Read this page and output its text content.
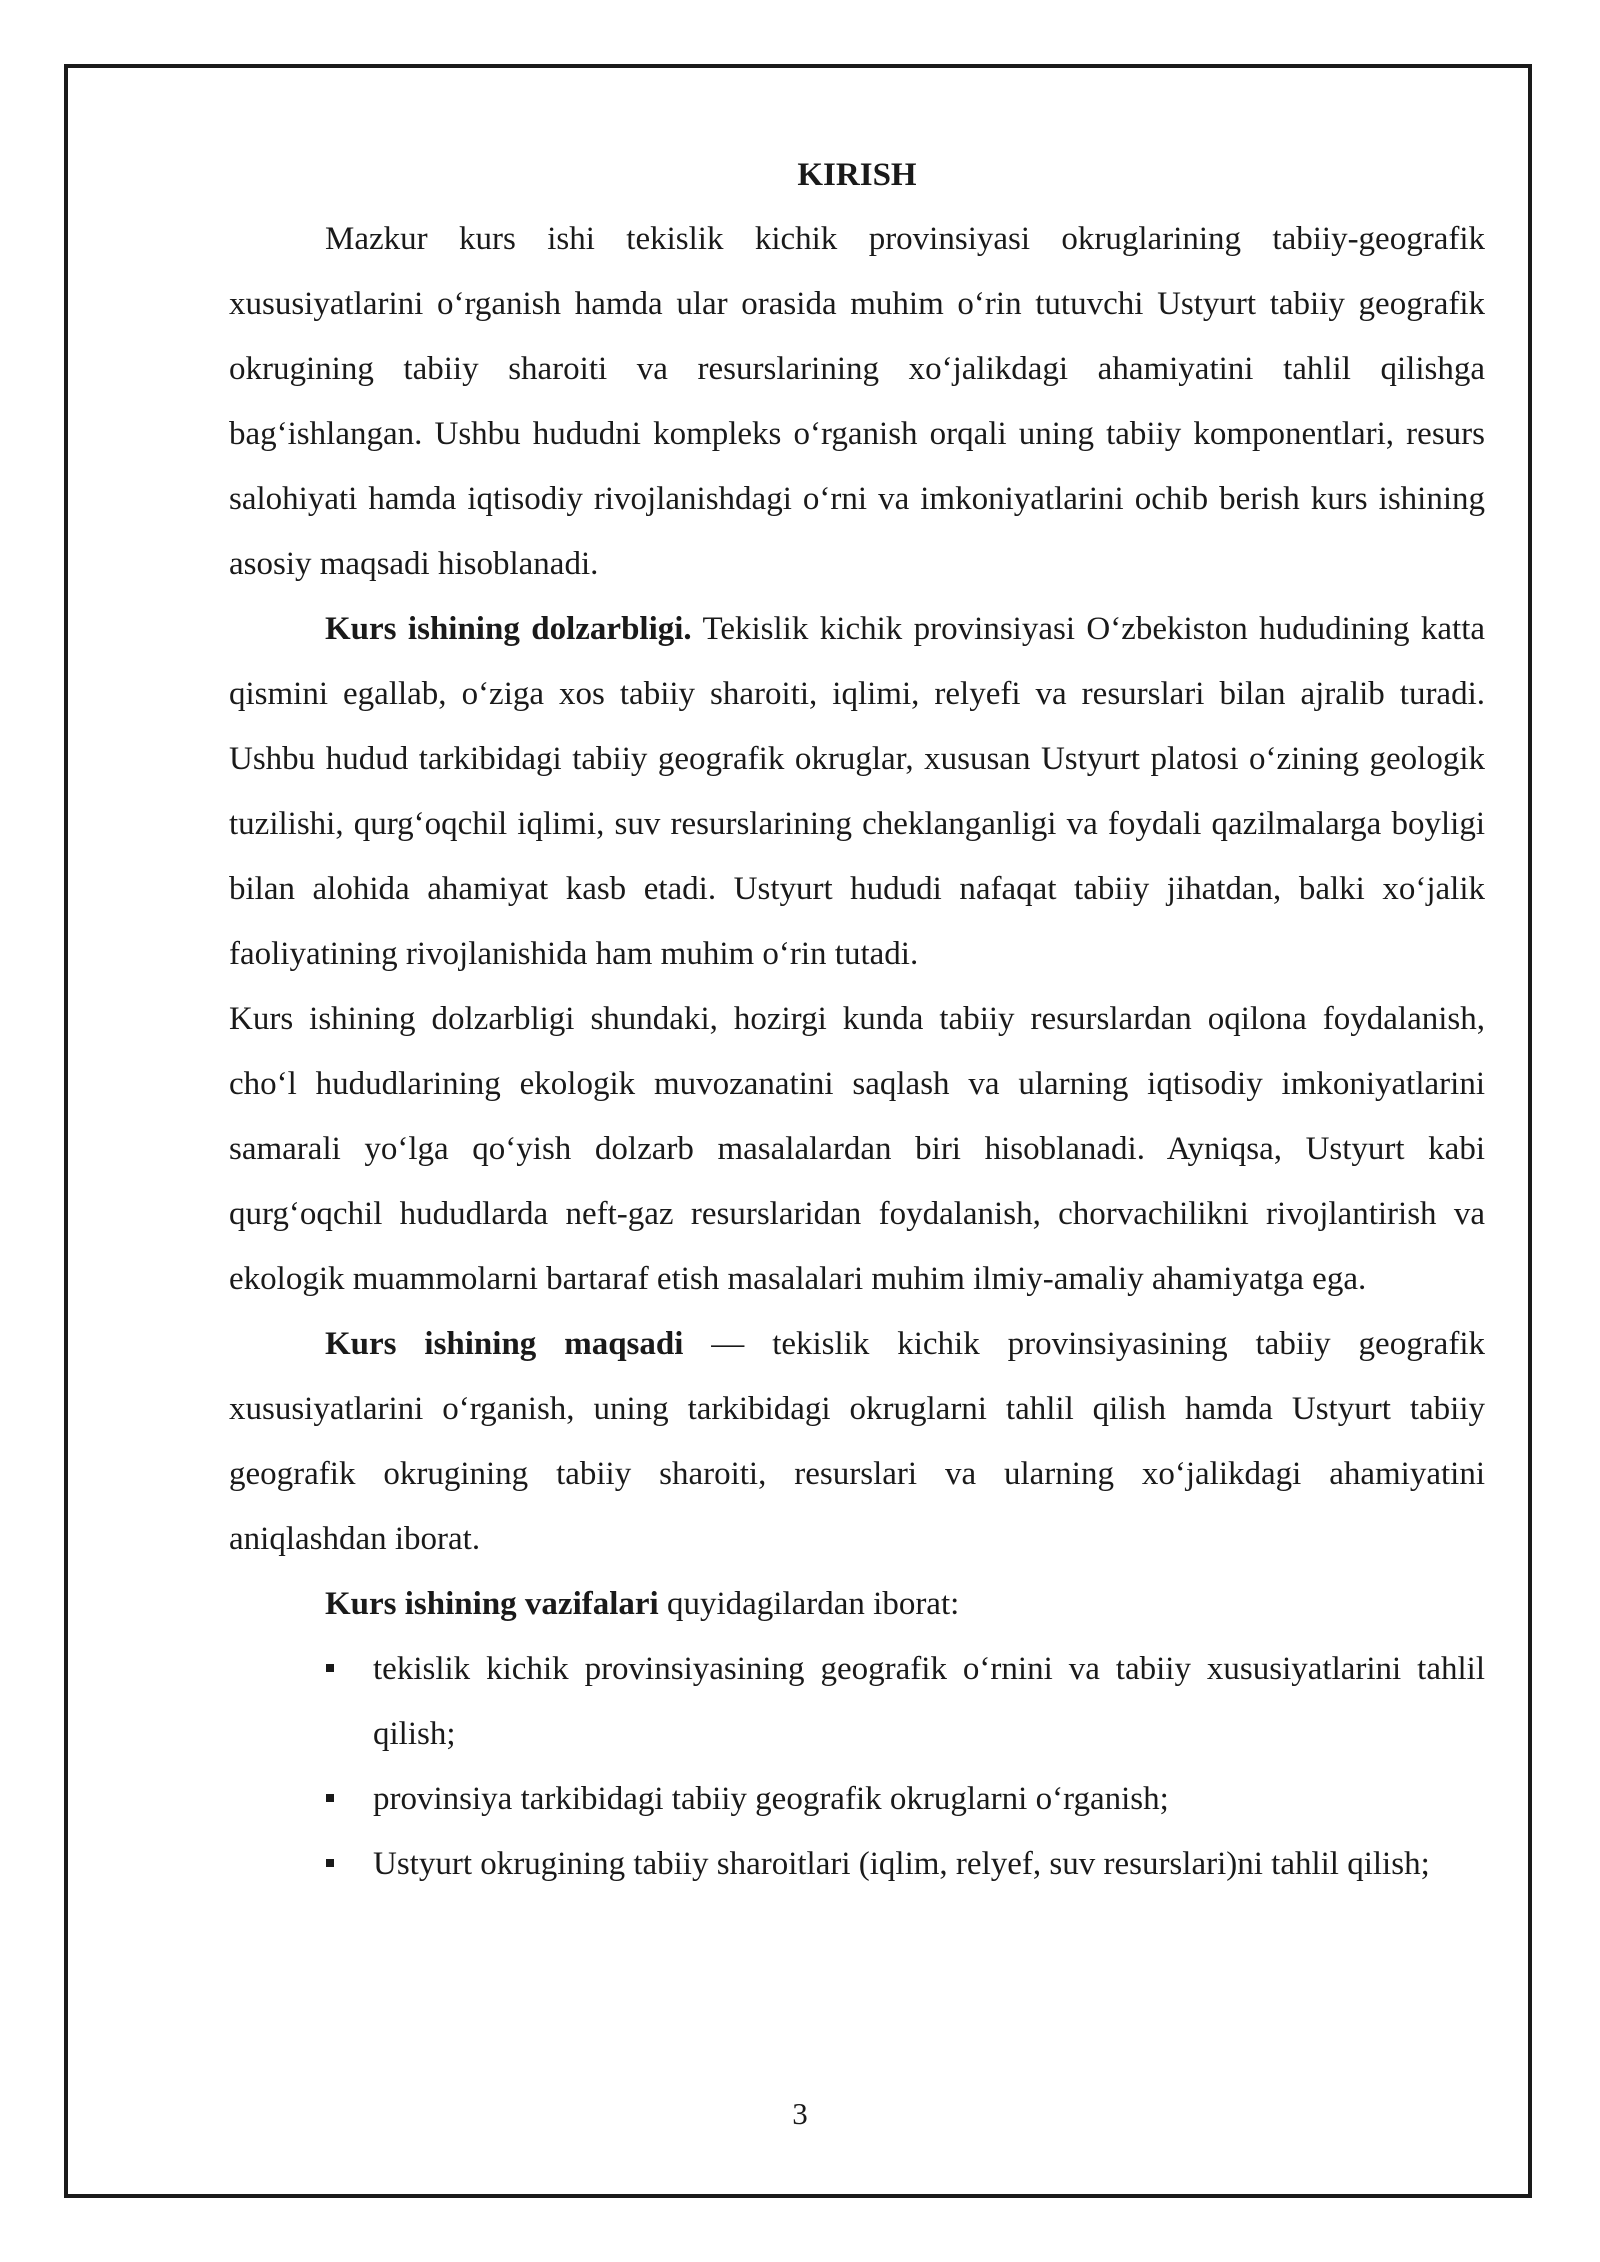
KIRISH

Mazkur kurs ishi tekislik kichik provinsiyasi okruglarining tabiiy-geografik xususiyatlarini o‘rganish hamda ular orasida muhim o‘rin tutuvchi Ustyurt tabiiy geografik okrugining tabiiy sharoiti va resurslarining xo‘jalikdagi ahamiyatini tahlil qilishga bag‘ishlangan. Ushbu hududni kompleks o‘rganish orqali uning tabiiy komponentlari, resurs salohiyati hamda iqtisodiy rivojlanishdagi o‘rni va imkoniyatlarini ochib berish kurs ishining asosiy maqsadi hisoblanadi.

Kurs ishining dolzarbligi. Tekislik kichik provinsiyasi O‘zbekiston hududining katta qismini egallab, o‘ziga xos tabiiy sharoiti, iqlimi, relyefi va resurslari bilan ajralib turadi. Ushbu hudud tarkibidagi tabiiy geografik okruglar, xususan Ustyurt platosi o‘zining geologik tuzilishi, qurg‘oqchil iqlimi, suv resurslarining cheklanganligi va foydali qazilmalarga boyligi bilan alohida ahamiyat kasb etadi. Ustyurt hududi nafaqat tabiiy jihatdan, balki xo‘jalik faoliyatining rivojlanishida ham muhim o‘rin tutadi.

Kurs ishining dolzarbligi shundaki, hozirgi kunda tabiiy resurslardan oqilona foydalanish, cho‘l hududlarining ekologik muvozanatini saqlash va ularning iqtisodiy imkoniyatlarini samarali yo‘lga qo‘yish dolzarb masalalardan biri hisoblanadi. Ayniqsa, Ustyurt kabi qurg‘oqchil hududlarda neft-gaz resurslaridan foydalanish, chorvachilikni rivojlantirish va ekologik muammolarni bartaraf etish masalalari muhim ilmiy-amaliy ahamiyatga ega.

Kurs ishining maqsadi — tekislik kichik provinsiyasining tabiiy geografik xususiyatlarini o‘rganish, uning tarkibidagi okruglarni tahlil qilish hamda Ustyurt tabiiy geografik okrugining tabiiy sharoiti, resurslari va ularning xo‘jalikdagi ahamiyatini aniqlashdan iborat.

Kurs ishining vazifalari quyidagilardan iborat:

tekislik kichik provinsiyasining geografik o‘rnini va tabiiy xususiyatlarini tahlil qilish;
provinsiya tarkibidagi tabiiy geografik okruglarni o‘rganish;
Ustyurt okrugining tabiiy sharoitlari (iqlim, relyef, suv resurslari)ni tahlil qilish;
3
